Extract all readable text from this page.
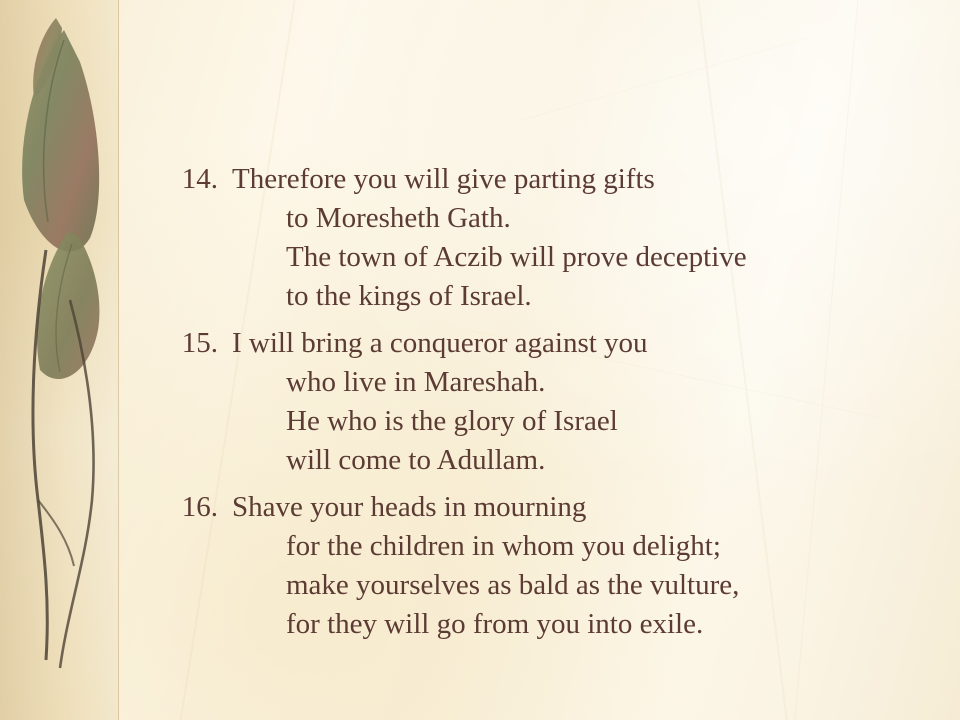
14. Therefore you will give parting gifts
to Moresheth Gath.
The town of Aczib will prove deceptive
to the kings of Israel.
15. I will bring a conqueror against you
who live in Mareshah.
He who is the glory of Israel
will come to Adullam.
16. Shave your heads in mourning
for the children in whom you delight;
make yourselves as bald as the vulture,
for they will go from you into exile.
